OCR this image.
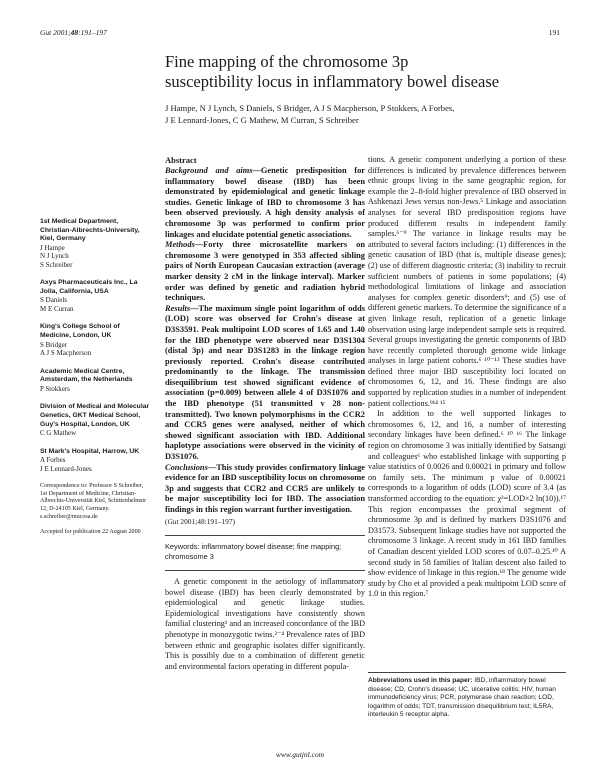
Gut 2001;48:191–197	191
Fine mapping of the chromosome 3p
susceptibility locus in inflammatory bowel disease
J Hampe, N J Lynch, S Daniels, S Bridger, A J S Macpherson, P Stokkers, A Forbes,
J E Lennard-Jones, C G Mathew, M Curran, S Schreiber
1st Medical Department, Christian-Albrechts-University, Kiel, Germany
J Hampe
N J Lynch
S Schreiber
Axys Pharmaceuticals Inc., La Jolla, California, USA
S Daniels
M E Curran
King's College School of Medicine, London, UK
S Bridger
A J S Macpherson
Academic Medical Centre, Amsterdam, the Netherlands
P Stokkers
Division of Medical and Molecular Genetics, GKT Medical School, Guy's Hospital, London, UK
C G Mathew
St Mark's Hospital, Harrow, UK
A Forbes
J E Lennard-Jones
Correspondence to: Professor S Schreiber, 1st Department of Medicine, Christian-Albrechts-Universität Kiel, Schittenhelmstr 12, D-24105 Kiel, Germany. s.schreiber@mucosa.de
Accepted for publication 22 August 2000
Abstract

Background and aims—Genetic predisposition for inflammatory bowel disease (IBD) has been demonstrated by epidemiological and genetic linkage studies. Genetic linkage of IBD to chromosome 3 has been observed previously. A high density analysis of chromosome 3p was performed to confirm prior linkages and elucidate potential genetic associations.

Methods—Forty three microsatellite markers on chromosome 3 were genotyped in 353 affected sibling pairs of North European Caucasian extraction (average marker density 2 cM in the linkage interval). Marker order was defined by genetic and radiation hybrid techniques.

Results—The maximum single point logarithm of odds (LOD) score was observed for Crohn's disease at D3S3591. Peak multipoint LOD scores of 1.65 and 1.40 for the IBD phenotype were observed near D3S1304 (distal 3p) and near D3S1283 in the linkage region previously reported. Crohn's disease contributed predominantly to the linkage. The transmission disequilibrium test showed significant evidence of association (p=0.009) between allele 4 of D3S1076 and the IBD phenotype (51 transmitted v 28 non-transmitted). Two known polymorphisms in the CCR2 and CCR5 genes were analysed, neither of which showed significant association with IBD. Additional haplotype associations were observed in the vicinity of D3S1076.

Conclusions—This study provides confirmatory linkage evidence for an IBD susceptibility locus on chromosome 3p and suggests that CCR2 and CCR5 are unlikely to be major susceptibility loci for IBD. The association findings in this region warrant further investigation.

(Gut 2001;48:191–197)
Keywords: inflammatory bowel disease; fine mapping; chromosome 3

A genetic component in the aetiology of inflammatory bowel disease (IBD) has been clearly demonstrated by epidemiological and genetic linkage studies. Epidemiological investigations have consistently shown familial clustering¹ and an increased concordance of the IBD phenotype in monozygotic twins.²⁻⁴ Prevalence rates of IBD between ethnic and geographic isolates differ significantly. This is possibly due to a combination of different genetic and environmental factors operating in different popula-

tions. A genetic component underlying a portion of these differences is indicated by prevalence differences between ethnic groups living in the same geographic region, for example the 2–8-fold higher prevalence of IBD observed in Ashkenazi Jews versus non-Jews.⁵ Linkage and association analyses for several IBD predisposition regions have produced different results in independent family samples.⁶⁻⁹ The variance in linkage results may be attributed to several factors including: (1) differences in the genetic causation of IBD (that is, multiple disease genes); (2) use of different diagnostic criteria; (3) inability to recruit sufficient numbers of patients in some populations; (4) methodological limitations of linkage and association analyses for complex genetic disorders⁹; and (5) use of different genetic markers. To determine the significance of a given linkage result, replication of a genetic linkage observation using large independent sample sets is required. Several groups investigating the genetic components of IBD have recently completed thorough genome wide linkage analyses in large patient cohorts.⁶ ¹⁰⁻¹³ These studies have defined three major IBD susceptibility loci located on chromosomes 6, 12, and 16. These findings are also supported by replication studies in a number of independent patient collections.⁹¹⁴ ¹⁵

In addition to the well supported linkages to chromosomes 6, 12, and 16, a number of interesting secondary linkages have been defined.⁶ ¹⁰ ¹⁶ The linkage region on chromosome 3 was initially identified by Satsangi and colleagues⁶ who established linkage with supporting p value statistics of 0.0026 and 0.00021 in primary and follow on family sets. The minimum p value of 0.00021 corresponds to a logarithm of odds (LOD) score of 3.4 (as transformed according to the equation: χ²=LOD×2 ln(10)).¹⁷ This region encompasses the proximal segment of chromosome 3p and is defined by markers D3S1076 and D31573. Subsequent linkage studies have not supported the chromosome 3 linkage. A recent study in 161 IBD families of Canadian descent yielded LOD scores of 0.07–0.25.¹⁰ A second study in 58 families of Italian descent also failed to show evidence of linkage in this region.¹⁸ The genome wide study by Cho et al provided a peak multipoint LOD score of 1.0 in this region.⁷

Abbreviations used in this paper: IBD, inflammatory bowel disease; CD, Crohn's disease; UC, ulcerative colitis; HIV, human immunodeficiency virus; PCR, polymerase chain reaction; LOD, logarithm of odds; TDT, transmission disequilibrium test; IL5RA, interleukin 5 receptor alpha.
www.gutjnl.com
